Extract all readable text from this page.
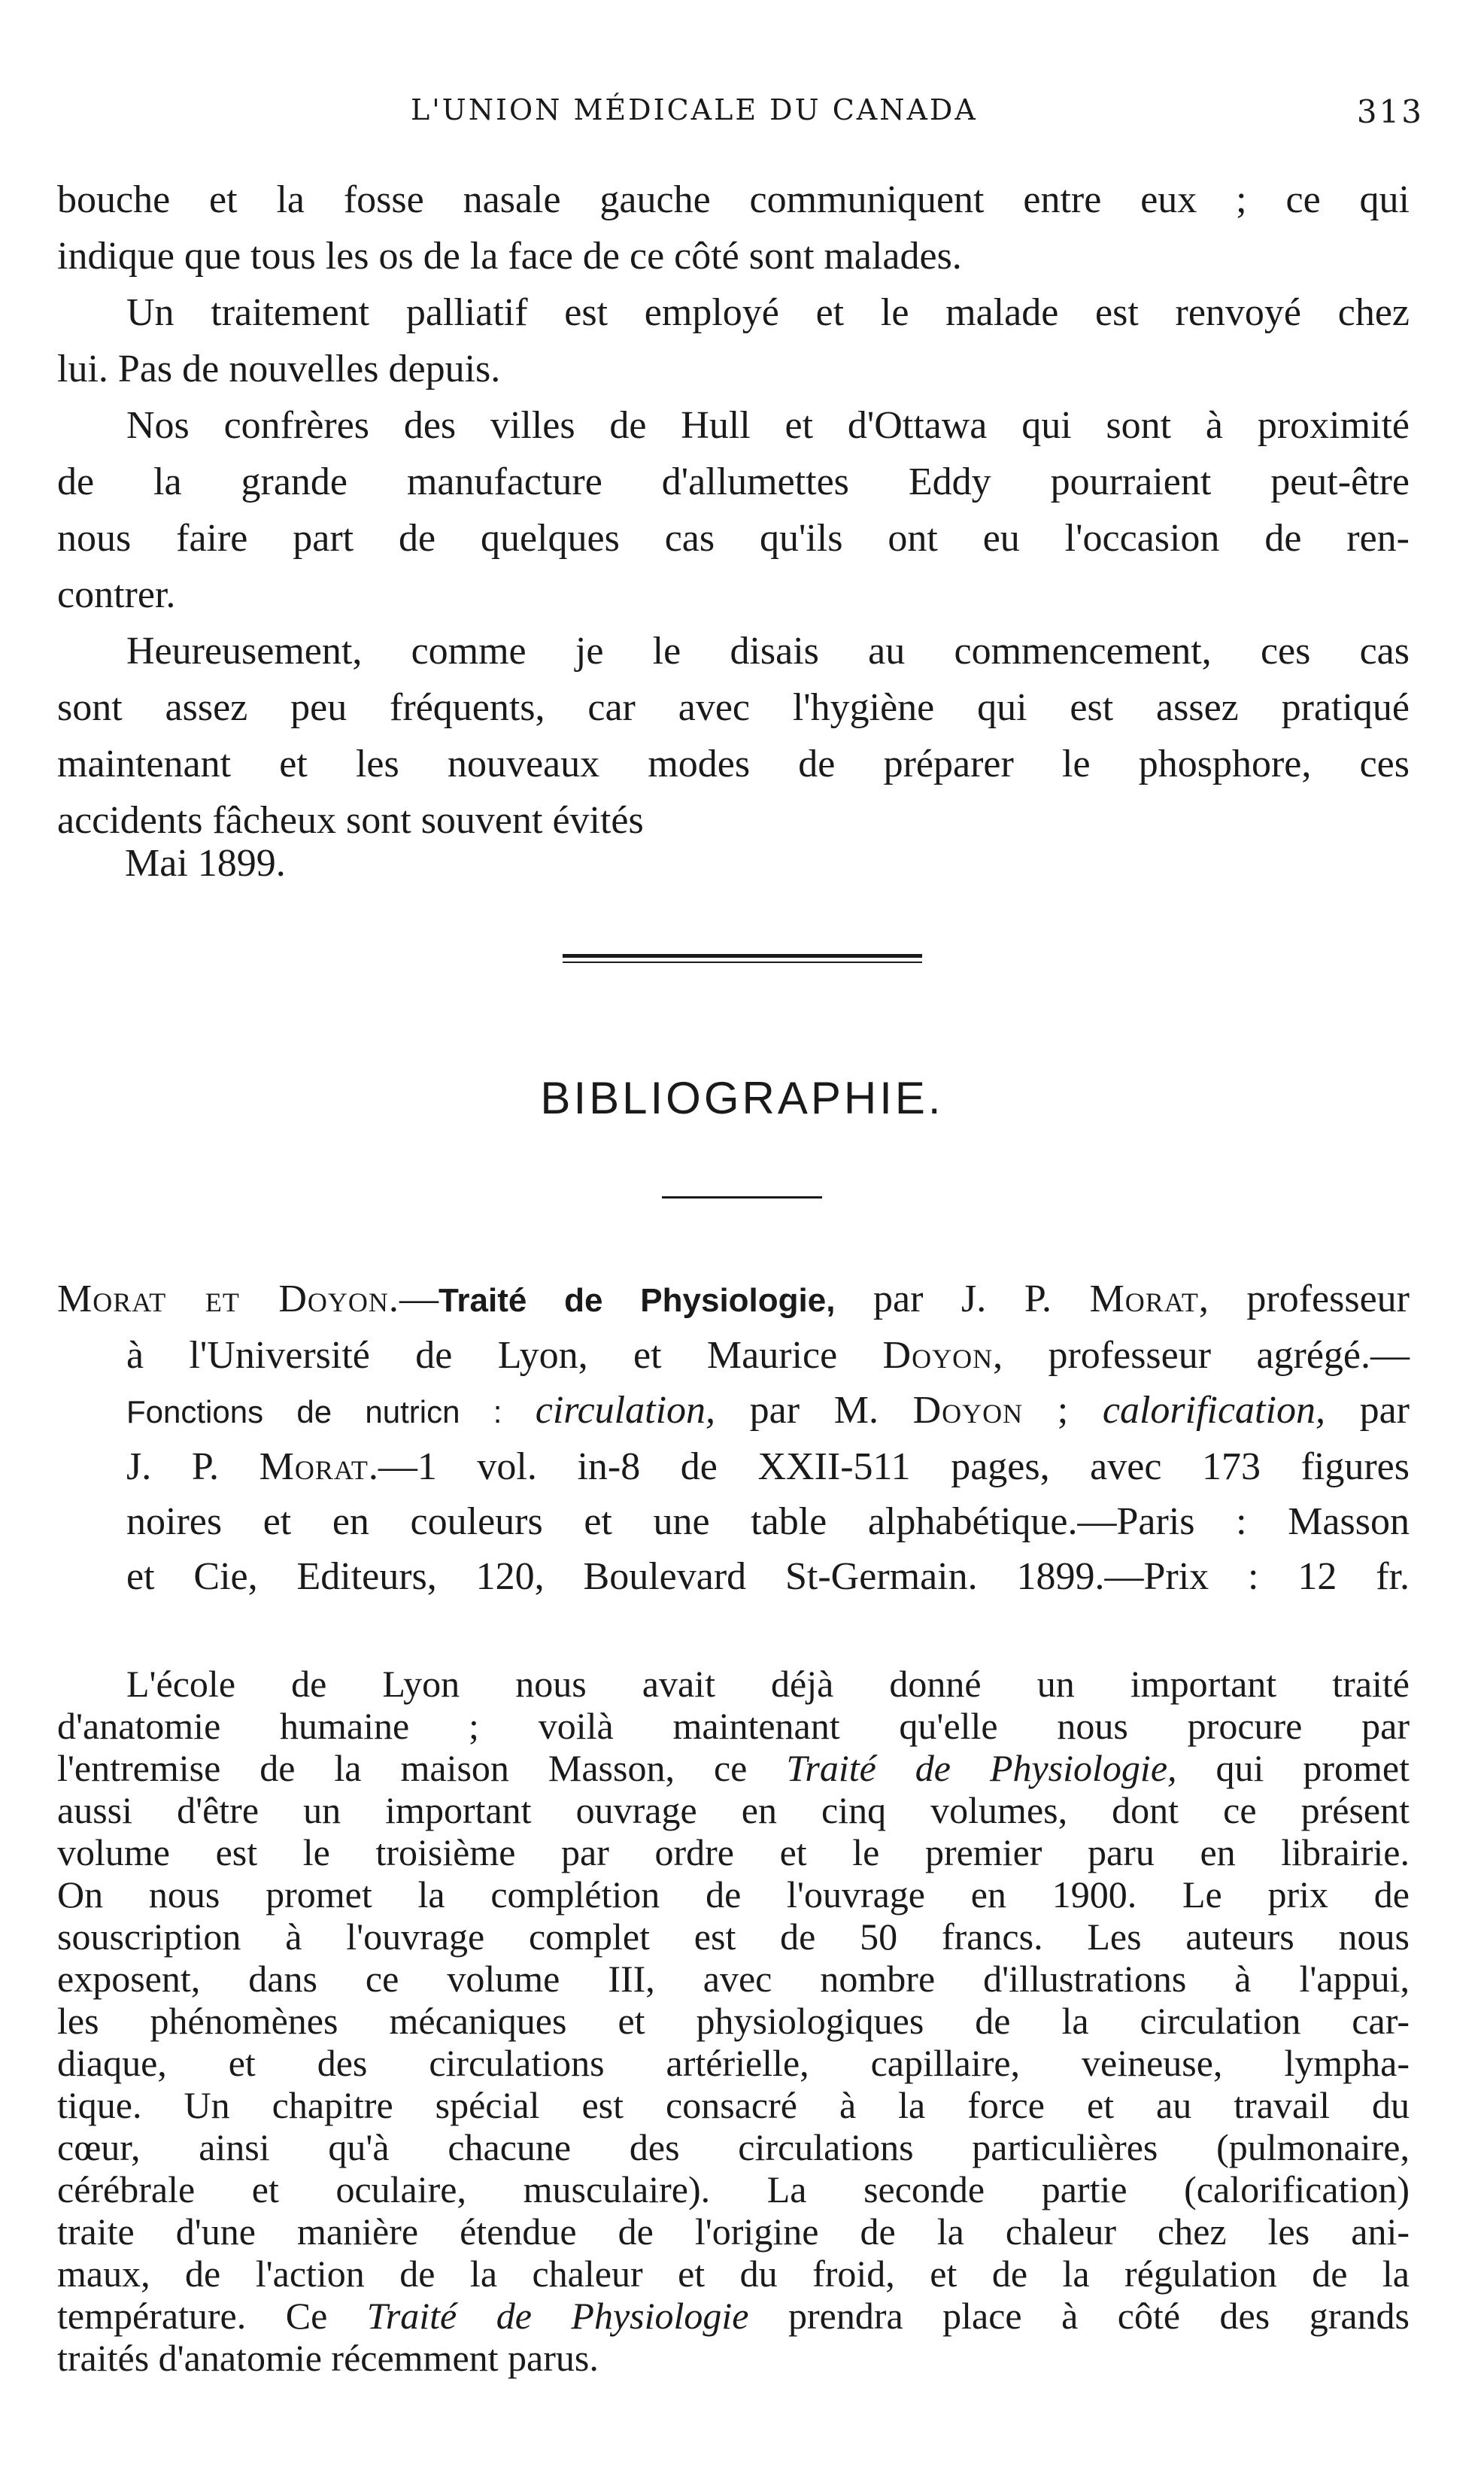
L'UNION MÉDICALE DU CANADA	313
bouche et la fosse nasale gauche communiquent entre eux ; ce qui
indique que tous les os de la face de ce côté sont malades.
Un traitement palliatif est employé et le malade est renvoyé chez
lui. Pas de nouvelles depuis.
Nos confrères des villes de Hull et d'Ottawa qui sont à proximité
de la grande manufacture d'allumettes Eddy pourraient peut-être
nous faire part de quelques cas qu'ils ont eu l'occasion de ren-
contrer.
Heureusement, comme je le disais au commencement, ces cas
sont assez peu fréquents, car avec l'hygiène qui est assez pratiqué
maintenant et les nouveaux modes de préparer le phosphore, ces
accidents fâcheux sont souvent évités
Mai 1899.
BIBLIOGRAPHIE.
Morat et Doyon.—Traité de Physiologie, par J. P. Morat, professeur
à l'Université de Lyon, et Maurice Doyon, professeur agrégé.—
Fonctions de nutricn : circulation, par M. Doyon ; calorification, par
J. P. Morat.—1 vol. in-8 de XXII-511 pages, avec 173 figures
noires et en couleurs et une table alphabétique.—Paris : Masson
et Cie, Editeurs, 120, Boulevard St-Germain. 1899.—Prix : 12 fr.
L'école de Lyon nous avait déjà donné un important traité
d'anatomie humaine ; voilà maintenant qu'elle nous procure par
l'entremise de la maison Masson, ce Traité de Physiologie, qui promet
aussi d'être un important ouvrage en cinq volumes, dont ce présent
volume est le troisième par ordre et le premier paru en librairie.
On nous promet la complétion de l'ouvrage en 1900. Le prix de
souscription à l'ouvrage complet est de 50 francs. Les auteurs nous
exposent, dans ce volume III, avec nombre d'illustrations à l'appui,
les phénomènes mécaniques et physiologiques de la circulation car-
diaque, et des circulations artérielle, capillaire, veineuse, lympha-
tique. Un chapitre spécial est consacré à la force et au travail du
cœur, ainsi qu'à chacune des circulations particulières (pulmonaire,
cérébrale et oculaire, musculaire). La seconde partie (calorification)
traite d'une manière étendue de l'origine de la chaleur chez les ani-
maux, de l'action de la chaleur et du froid, et de la régulation de la
température. Ce Traité de Physiologie prendra place à côté des grands
traités d'anatomie récemment parus.
